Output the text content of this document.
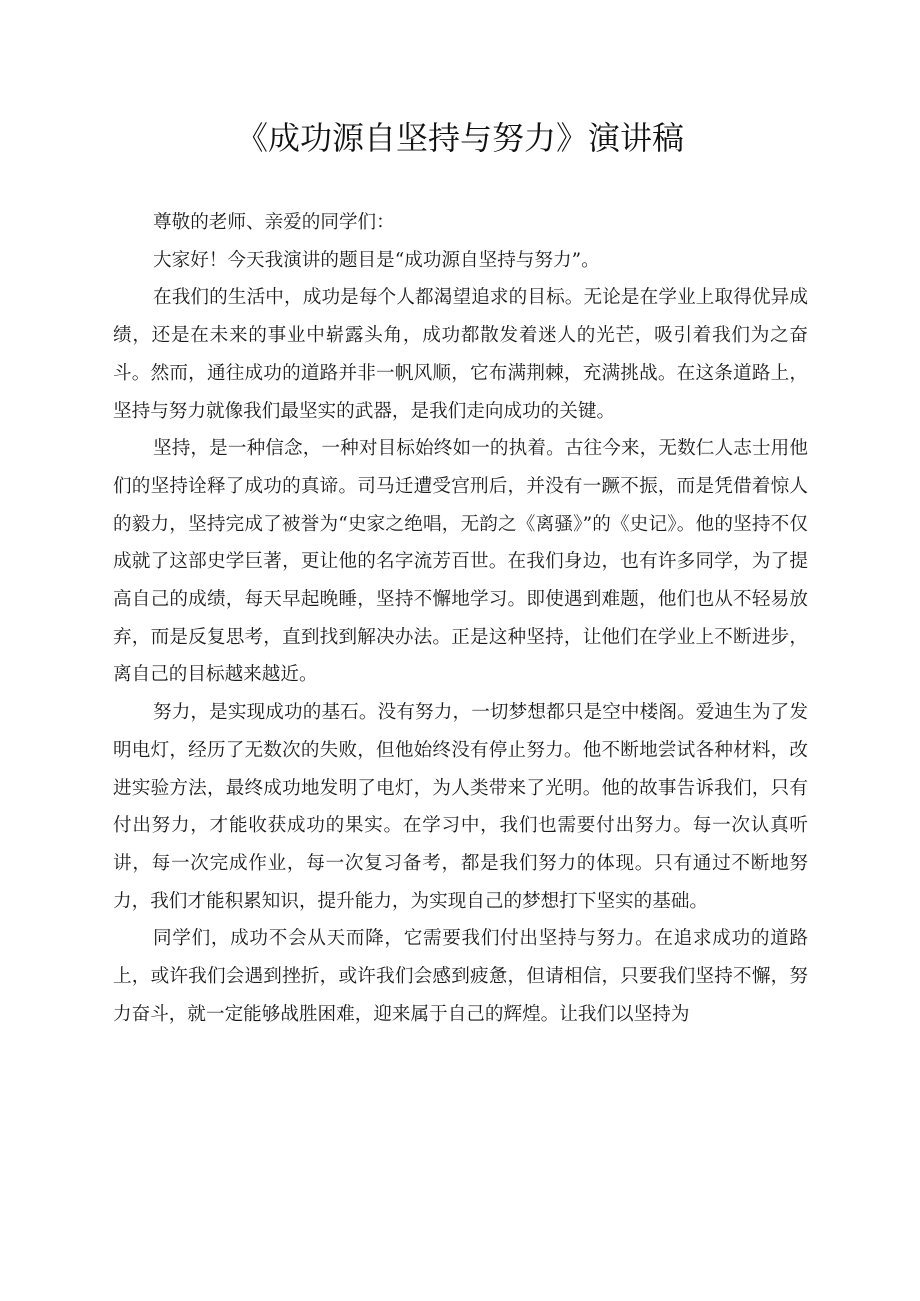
《成功源自坚持与努力》演讲稿

尊敬的老师、亲爱的同学们：

大家好！今天我演讲的题目是“成功源自坚持与努力”。

在我们的生活中，成功是每个人都渴望追求的目标。无论是在学业上取得优异成绩，还是在未来的事业中崭露头角，成功都散发着迷人的光芒，吸引着我们为之奋斗。然而，通往成功的道路并非一帆风顺，它布满荆棘，充满挑战。在这条道路上，坚持与努力就像我们最坚实的武器，是我们走向成功的关键。

坚持，是一种信念，一种对目标始终如一的执着。古往今来，无数仁人志士用他们的坚持诠释了成功的真谛。司马迁遭受宫刑后，并没有一蹶不振，而是凭借着惊人的毅力，坚持完成了被誉为“史家之绝唱，无韵之《离骚》”的《史记》。他的坚持不仅成就了这部史学巨著，更让他的名字流芳百世。在我们身边，也有许多同学，为了提高自己的成绩，每天早起晚睡，坚持不懈地学习。即使遇到难题，他们也从不轻易放弃，而是反复思考，直到找到解决办法。正是这种坚持，让他们在学业上不断进步，离自己的目标越来越近。

努力，是实现成功的基石。没有努力，一切梦想都只是空中楼阁。爱迪生为了发明电灯，经历了无数次的失败，但他始终没有停止努力。他不断地尝试各种材料，改进实验方法，最终成功地发明了电灯，为人类带来了光明。他的故事告诉我们，只有付出努力，才能收获成功的果实。在学习中，我们也需要付出努力。每一次认真听讲，每一次完成作业，每一次复习备考，都是我们努力的体现。只有通过不断地努力，我们才能积累知识，提升能力，为实现自己的梦想打下坚实的基础。

同学们，成功不会从天而降，它需要我们付出坚持与努力。在追求成功的道路上，或许我们会遇到挫折，或许我们会感到疲惫，但请相信，只要我们坚持不懈，努力奋斗，就一定能够战胜困难，迎来属于自己的辉煌。让我们以坚持为
